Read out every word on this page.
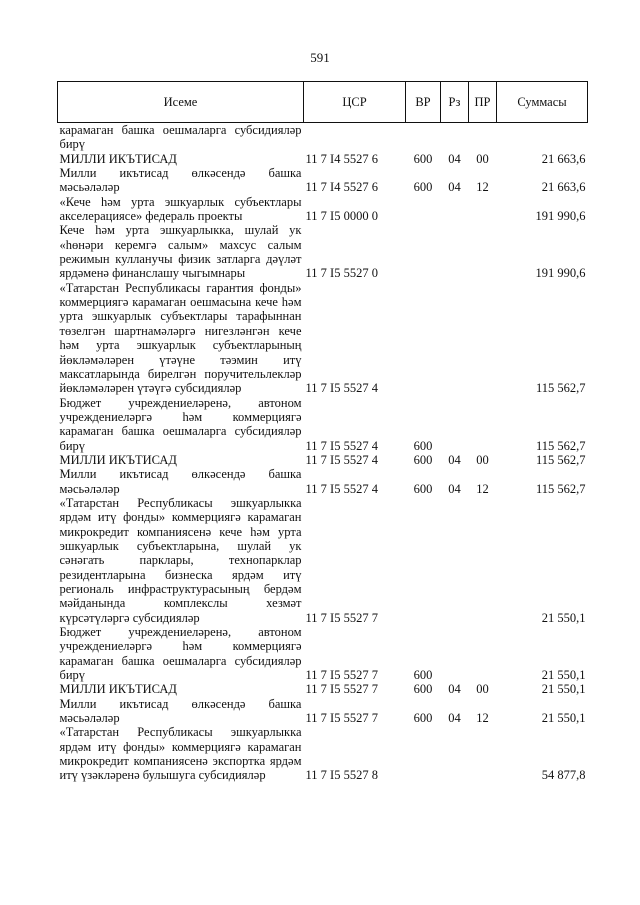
591
Исеме	ЦСР	ВР	Рз	ПР	Суммасы
карамаган башка оешмаларга субсидияләр бирү					
МИЛЛИ ИКЪТИСАД	11 7 I4 5527 6	600	04	00	21 663,6
Милли икътисад өлкәсендә башка мәсьәләләр	11 7 I4 5527 6	600	04	12	21 663,6
«Кече һәм урта эшкуарлык субъектлары акселерациясе» федераль проекты	11 7 I5 0000 0				191 990,6
Кече һәм урта эшкуарлыкка, шулай ук «һөнәри керемгә салым» махсус салым режимын кулланучы физик затларга дәүләт ярдәменә финанслашу чыгымнары	11 7 I5 5527 0				191 990,6
«Татарстан Республикасы гарантия фонды» коммерциягә карамаган оешмасына кече һәм урта эшкуарлык субъектлары тарафыннан төзелгән шартнамәләргә нигезләнгән кече һәм урта эшкуарлык субъектларының йөкләмәләрен үтәүне тәэмин итү максатларында бирелгән поручительлекләр йөкләмәләрен үтәүгә субсидияләр	11 7 I5 5527 4				115 562,7
Бюджет учреждениеләренә, автоном учреждениеләргә һәм коммерциягә карамаган башка оешмаларга субсидияләр бирү	11 7 I5 5527 4	600			115 562,7
МИЛЛИ ИКЪТИСАД	11 7 I5 5527 4	600	04	00	115 562,7
Милли икътисад өлкәсендә башка мәсьәләләр	11 7 I5 5527 4	600	04	12	115 562,7
«Татарстан Республикасы эшкуарлыкка ярдәм итү фонды» коммерциягә карамаган микрокредит компаниясенә кече һәм урта эшкуарлык субъектларына, шулай ук сәнәгать парклары, технопарклар резидентларына бизнеска ярдәм итү региональ инфраструктурасының бердәм мәйданында комплекслы хезмәт күрсәтүләргә субсидияләр	11 7 I5 5527 7				21 550,1
Бюджет учреждениеләренә, автоном учреждениеләргә һәм коммерциягә карамаган башка оешмаларга субсидияләр бирү	11 7 I5 5527 7	600			21 550,1
МИЛЛИ ИКЪТИСАД	11 7 I5 5527 7	600	04	00	21 550,1
Милли икътисад өлкәсендә башка мәсьәләләр	11 7 I5 5527 7	600	04	12	21 550,1
«Татарстан Республикасы эшкуарлыкка ярдәм итү фонды» коммерциягә карамаган микрокредит компаниясенә экспортка ярдәм итү үзәкләренә булышуга субсидияләр	11 7 I5 5527 8				54 877,8
